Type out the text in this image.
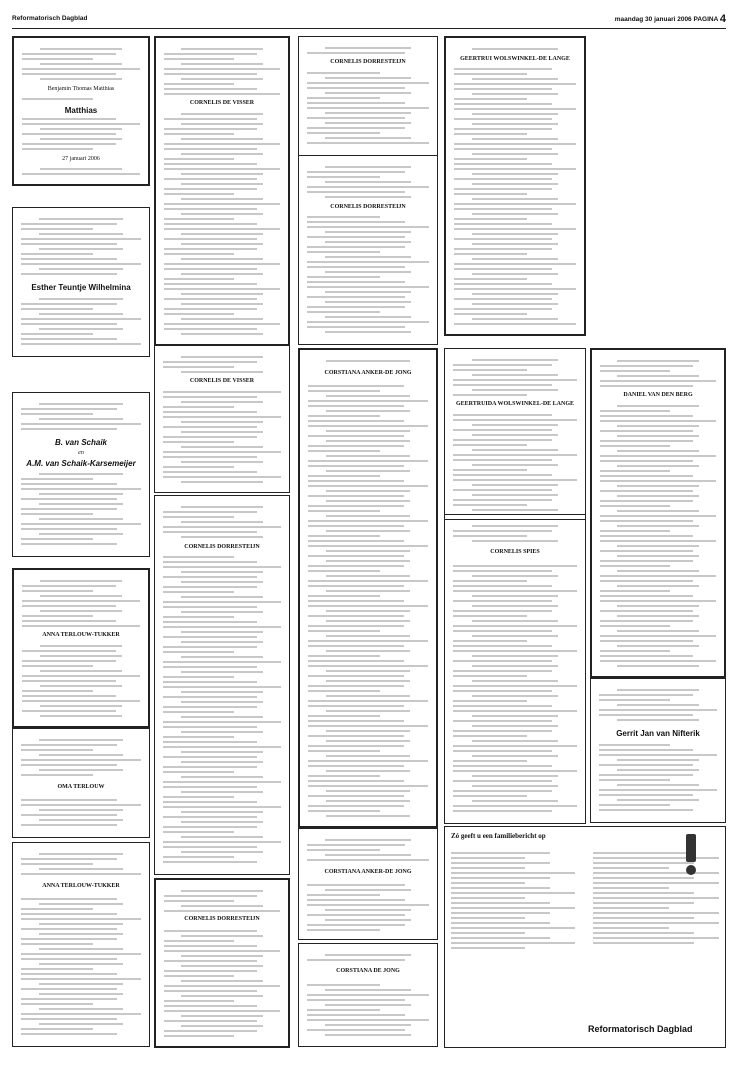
Reformatorisch Dagblad	maandag 30 januari 2006 PAGINA 4
Benjamin Thomas Matthias
Matthias
27 januari 2006
Esther Teuntje Wilhelmina
B. van Schaik
en
A.M. van Schaik-Karsemeijer
ANNA TERLOUW-TUKKER
OMA TERLOUW
ANNA TERLOUW-TUKKER
CORNELIS DE VISSER
CORNELIS DE VISSER
CORNELIS DORRESTEIJN
CORNELIS DORRESTEIJN
CORNELIS DORRESTEIJN
CORNELIS DORRESTEIJN
CORSTIANA ANKER-DE JONG
CORSTIANA ANKER-DE JONG
CORSTIANA DE JONG
GEERTRUI WOLSWINKEL-DE LANGE
GEERTRUIDA WOLSWINKEL-DE LANGE
CORNELIS SPIES
DANIËL VAN DEN BERG
Gerrit Jan van Nifterik
Zó geeft u een familiebericht op
Reformatorisch Dagblad
